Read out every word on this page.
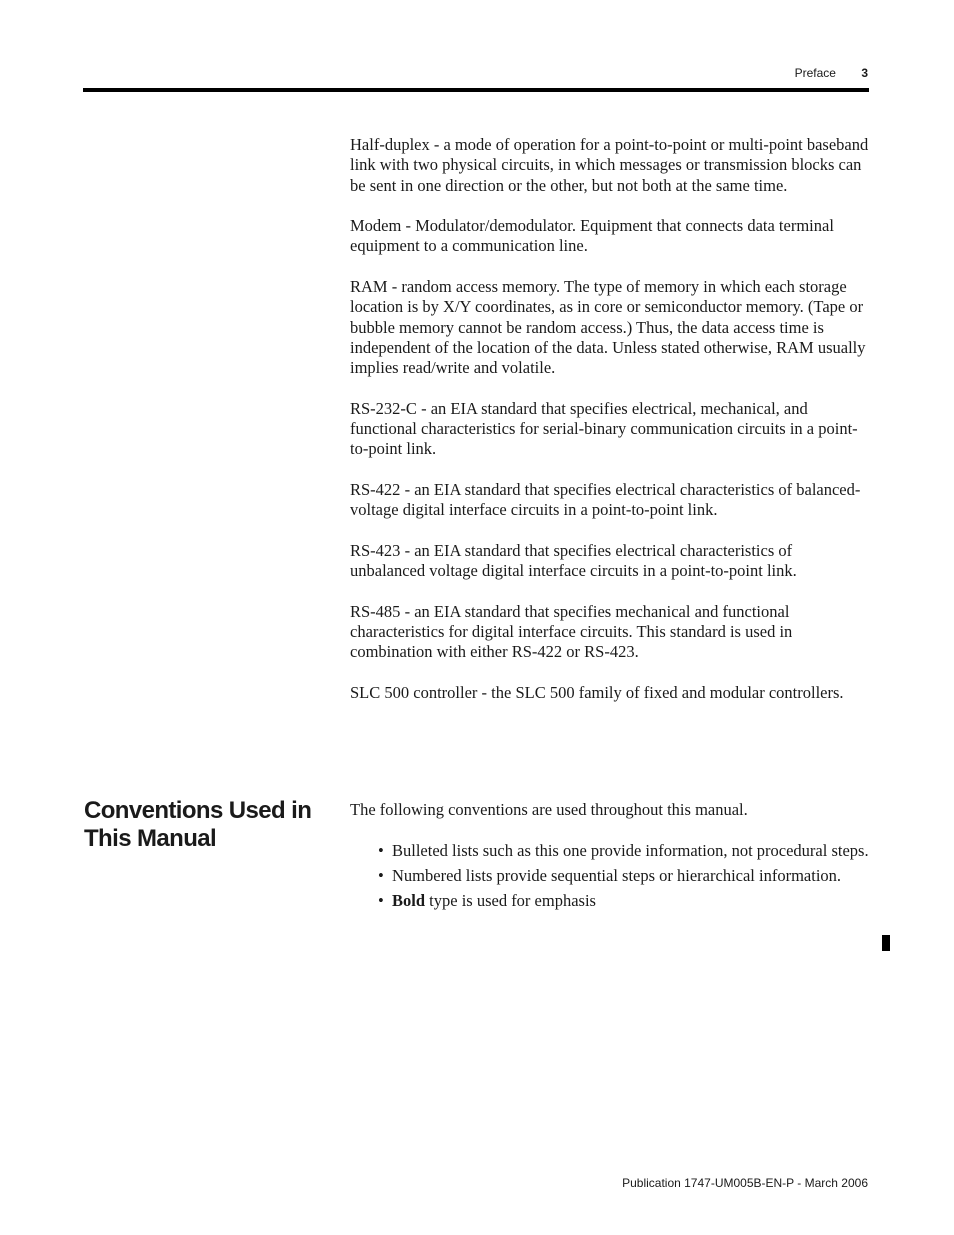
Preface 3

Half-duplex - a mode of operation for a point-to-point or multi-point baseband link with two physical circuits, in which messages or transmission blocks can be sent in one direction or the other, but not both at the same time.

Modem - Modulator/demodulator. Equipment that connects data terminal equipment to a communication line.

RAM - random access memory. The type of memory in which each storage location is by X/Y coordinates, as in core or semiconductor memory. (Tape or bubble memory cannot be random access.) Thus, the data access time is independent of the location of the data. Unless stated otherwise, RAM usually implies read/write and volatile.

RS-232-C - an EIA standard that specifies electrical, mechanical, and functional characteristics for serial-binary communication circuits in a point-to-point link.

RS-422 - an EIA standard that specifies electrical characteristics of balanced-voltage digital interface circuits in a point-to-point link.

RS-423 - an EIA standard that specifies electrical characteristics of unbalanced voltage digital interface circuits in a point-to-point link.

RS-485 - an EIA standard that specifies mechanical and functional characteristics for digital interface circuits. This standard is used in combination with either RS-422 or RS-423.

SLC 500 controller - the SLC 500 family of fixed and modular controllers.

Conventions Used in This Manual

The following conventions are used throughout this manual.

• Bulleted lists such as this one provide information, not procedural steps.
• Numbered lists provide sequential steps or hierarchical information.
• Bold type is used for emphasis
Publication 1747-UM005B-EN-P - March 2006
